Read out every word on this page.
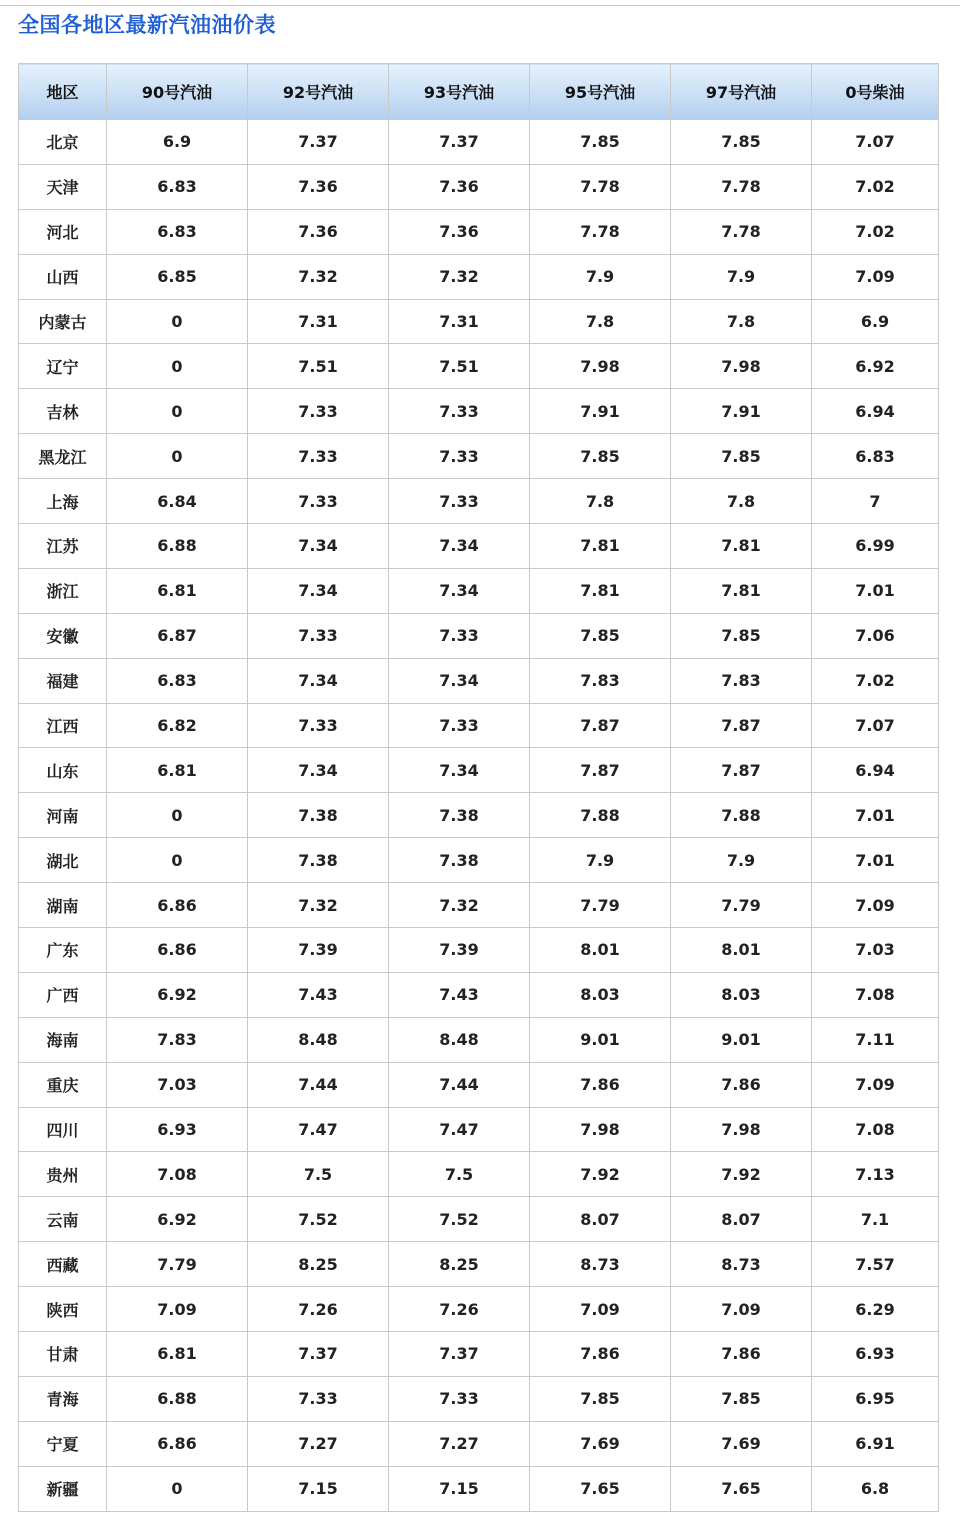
全国各地区最新汽油油价表
地区	90号汽油	92号汽油	93号汽油	95号汽油	97号汽油	0号柴油
北京	6.9	7.37	7.37	7.85	7.85	7.07
天津	6.83	7.36	7.36	7.78	7.78	7.02
河北	6.83	7.36	7.36	7.78	7.78	7.02
山西	6.85	7.32	7.32	7.9	7.9	7.09
内蒙古	0	7.31	7.31	7.8	7.8	6.9
辽宁	0	7.51	7.51	7.98	7.98	6.92
吉林	0	7.33	7.33	7.91	7.91	6.94
黑龙江	0	7.33	7.33	7.85	7.85	6.83
上海	6.84	7.33	7.33	7.8	7.8	7
江苏	6.88	7.34	7.34	7.81	7.81	6.99
浙江	6.81	7.34	7.34	7.81	7.81	7.01
安徽	6.87	7.33	7.33	7.85	7.85	7.06
福建	6.83	7.34	7.34	7.83	7.83	7.02
江西	6.82	7.33	7.33	7.87	7.87	7.07
山东	6.81	7.34	7.34	7.87	7.87	6.94
河南	0	7.38	7.38	7.88	7.88	7.01
湖北	0	7.38	7.38	7.9	7.9	7.01
湖南	6.86	7.32	7.32	7.79	7.79	7.09
广东	6.86	7.39	7.39	8.01	8.01	7.03
广西	6.92	7.43	7.43	8.03	8.03	7.08
海南	7.83	8.48	8.48	9.01	9.01	7.11
重庆	7.03	7.44	7.44	7.86	7.86	7.09
四川	6.93	7.47	7.47	7.98	7.98	7.08
贵州	7.08	7.5	7.5	7.92	7.92	7.13
云南	6.92	7.52	7.52	8.07	8.07	7.1
西藏	7.79	8.25	8.25	8.73	8.73	7.57
陕西	7.09	7.26	7.26	7.09	7.09	6.29
甘肃	6.81	7.37	7.37	7.86	7.86	6.93
青海	6.88	7.33	7.33	7.85	7.85	6.95
宁夏	6.86	7.27	7.27	7.69	7.69	6.91
新疆	0	7.15	7.15	7.65	7.65	6.8
